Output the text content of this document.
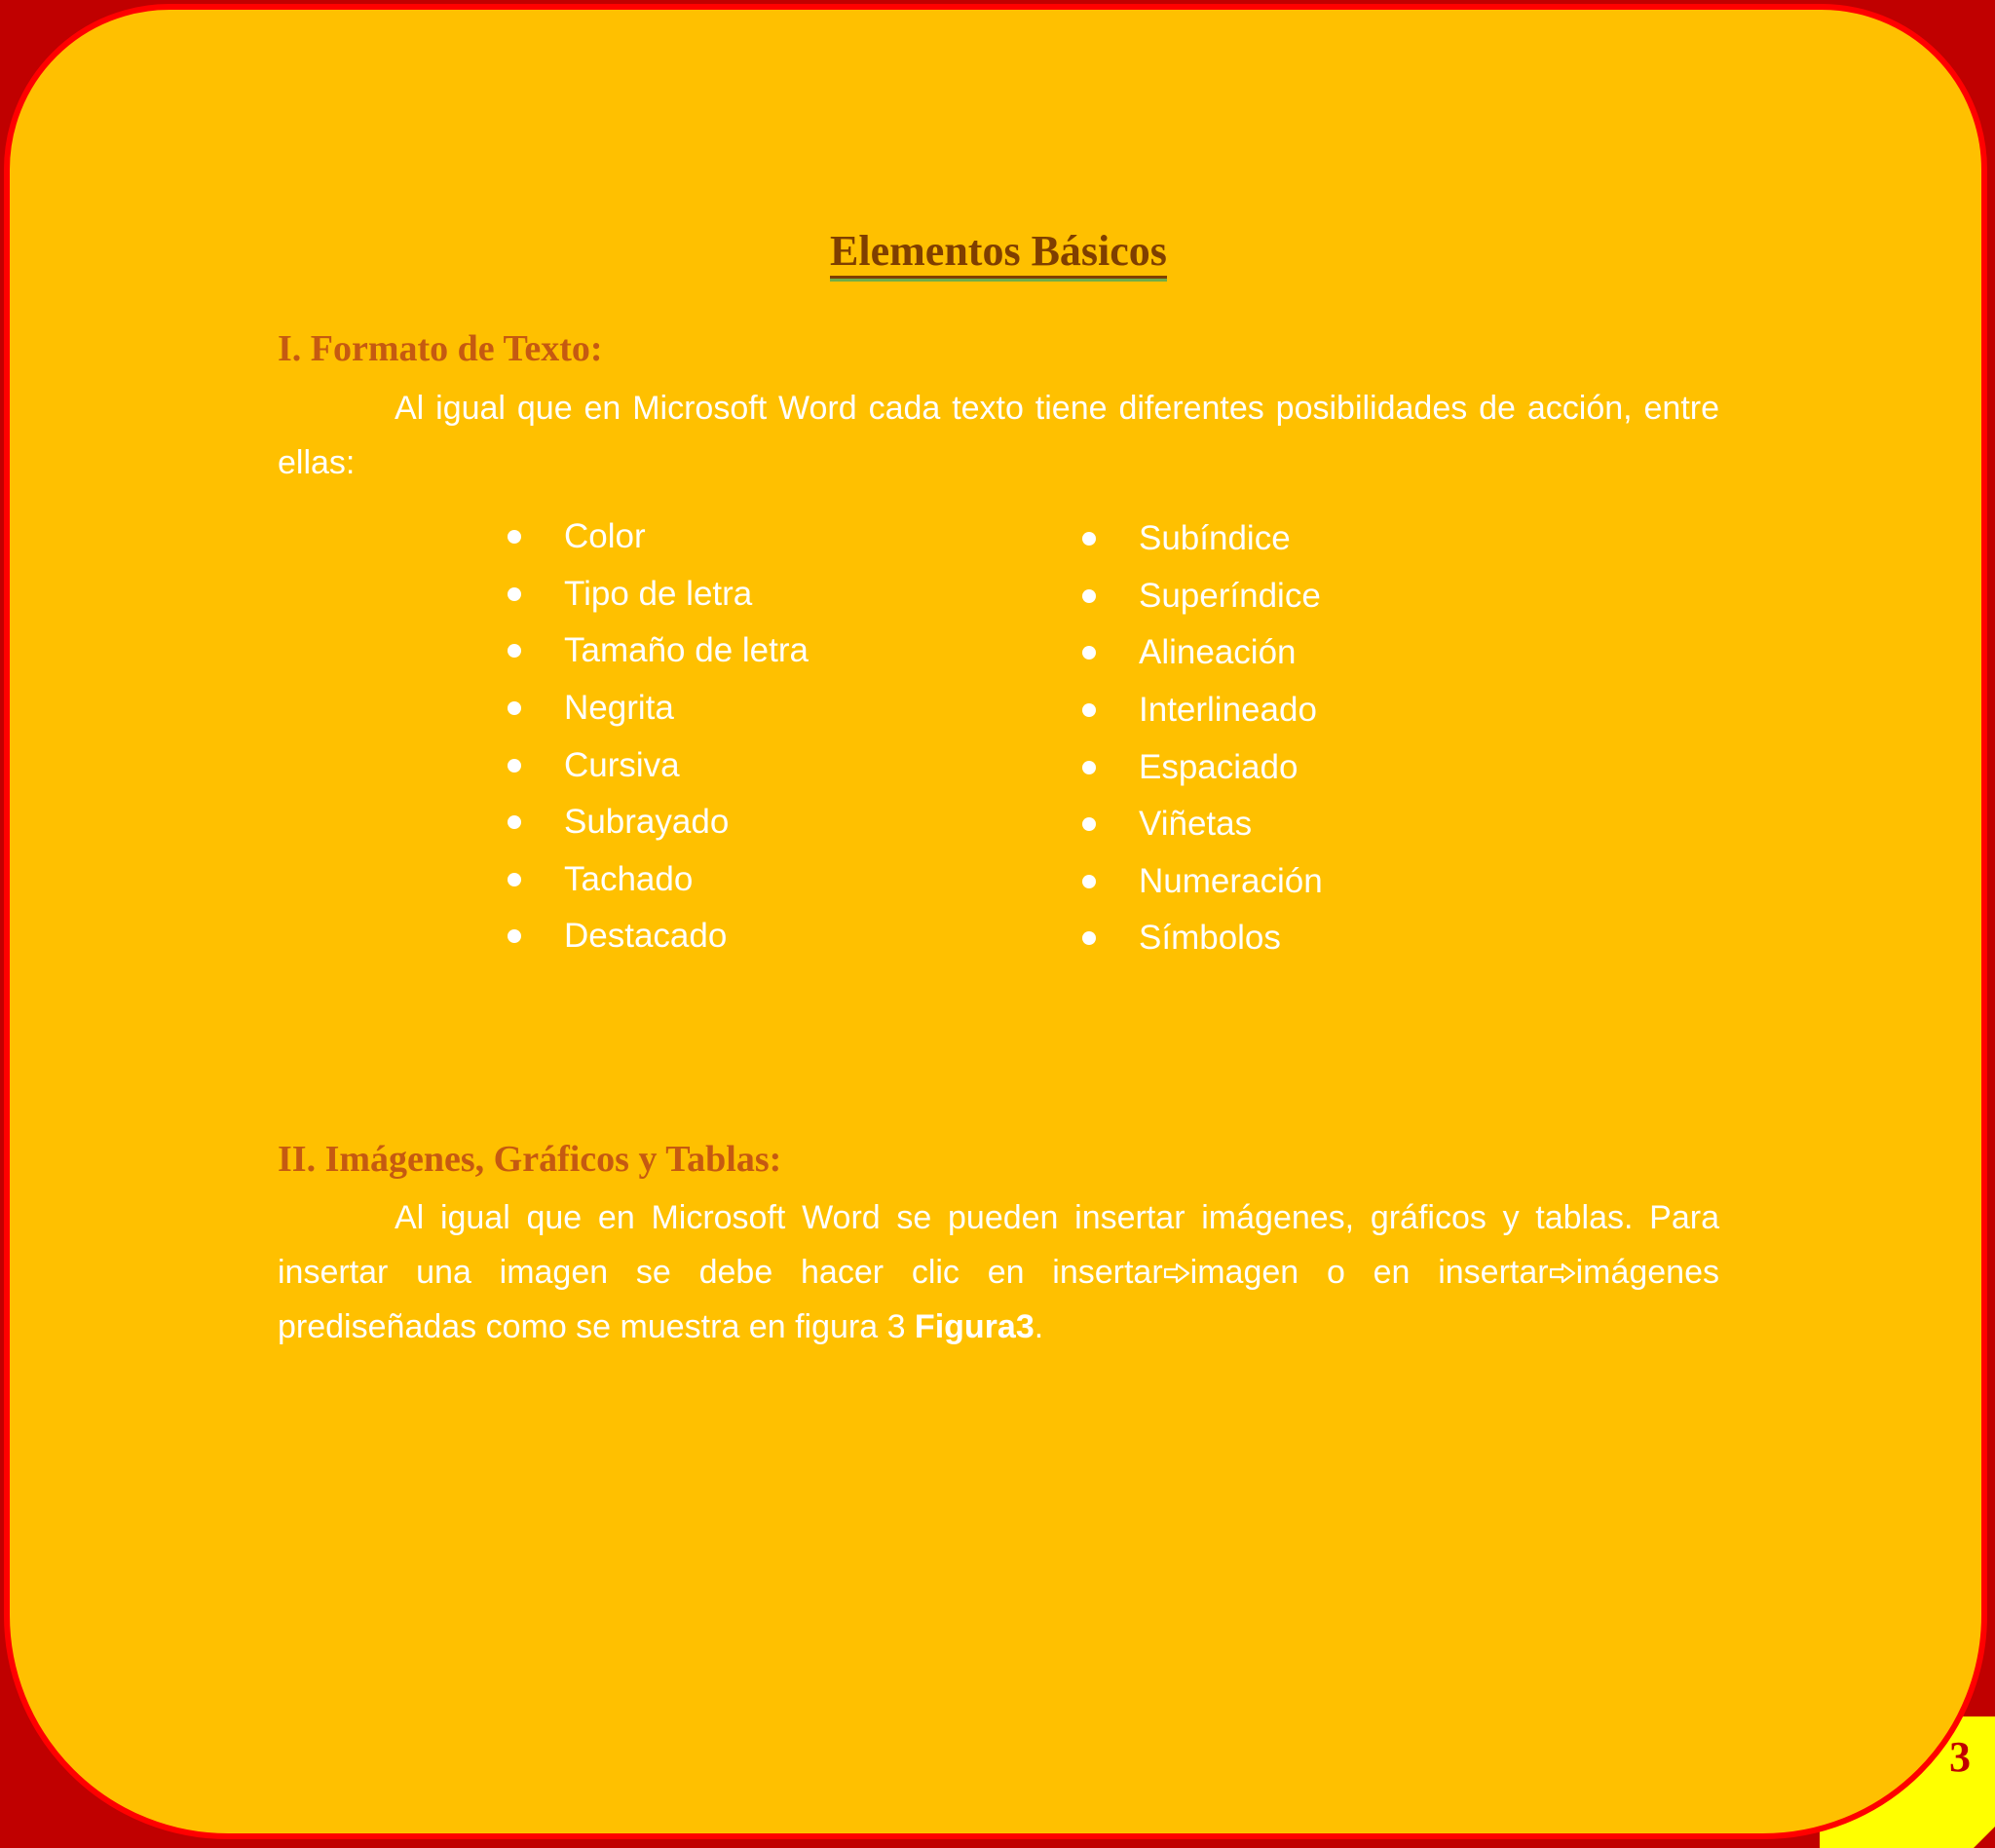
3
Elementos Básicos
I. Formato de Texto:

Al igual que en Microsoft Word cada texto tiene diferentes posibilidades de acción, entre ellas:

Color
Tipo de letra
Tamaño de letra
Negrita
Cursiva
Subrayado
Tachado
Destacado
Subíndice
Superíndice
Alineación
Interlineado
Espaciado
Viñetas
Numeración
Símbolos
II. Imágenes, Gráficos y Tablas:

Al igual que en Microsoft Word se pueden insertar imágenes, gráficos y tablas. Para insertar una imagen se debe hacer clic en insertar imagen o en insertar imágenes prediseñadas como se muestra en figura 3 Figura3.
